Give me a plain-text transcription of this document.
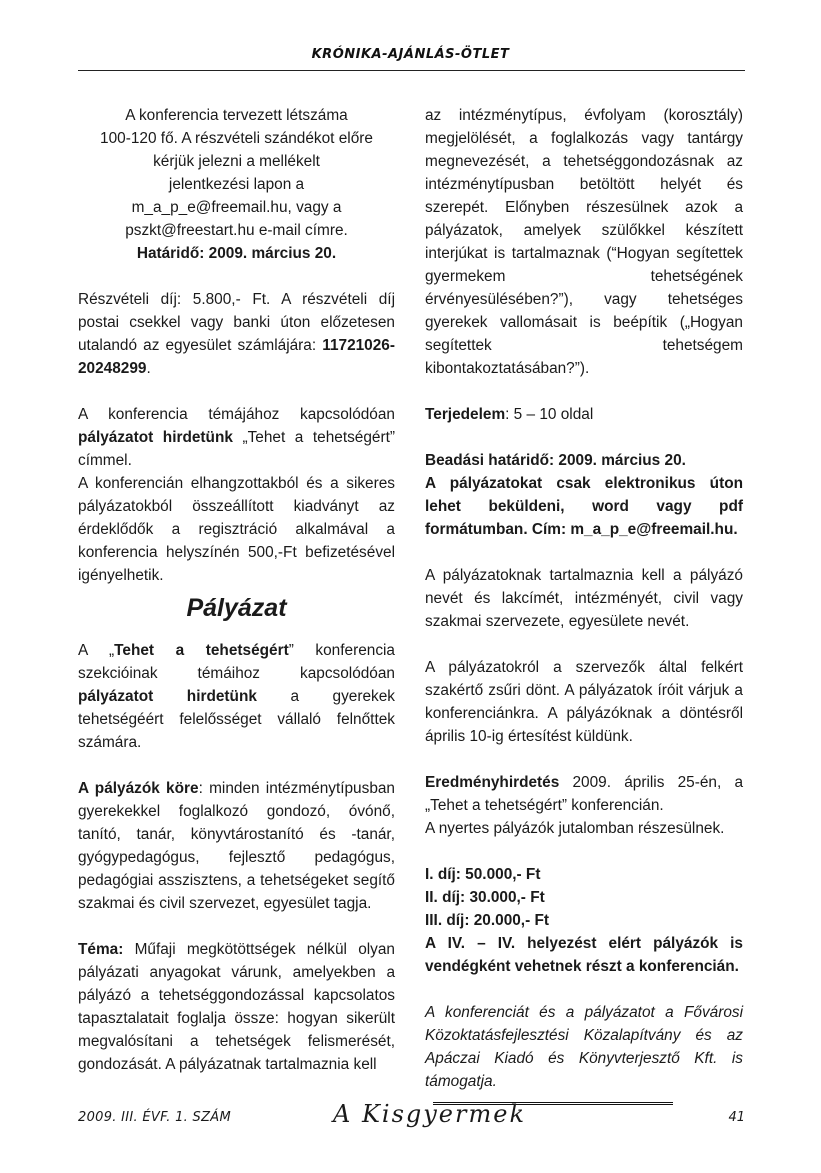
KRÓNIKA-AJÁNLÁS-ÖTLET

A konferencia tervezett létszáma

100-120 fő. A részvételi szándékot előre

kérjük jelezni a mellékelt

jelentkezési lapon a

m_a_p_e@freemail.hu, vagy a

pszkt@freestart.hu e-mail címre.

Határidő: 2009. március 20.

Részvételi díj: 5.800,- Ft. A részvételi díj postai csekkel vagy banki úton előzetesen utalandó az egyesület számlájára: 11721026-20248299.

A konferencia témájához kapcsolódóan pályázatot hirdetünk „Tehet a tehetségért” címmel.

A konferencián elhangzottakból és a sikeres pályázatokból összeállított kiadványt az érdeklődők a regisztráció alkalmával a konferencia helyszínén 500,-Ft befizetésével igényelhetik.

Pályázat

A „Tehet a tehetségért” konferencia szekcióinak témáihoz kapcsolódóan pályázatot hirdetünk a gyerekek tehetségéért felelősséget vállaló felnőttek számára.

A pályázók köre: minden intézménytípusban gyerekekkel foglalkozó gondozó, óvónő, tanító, tanár, könyvtárostanító és -tanár, gyógypedagógus, fejlesztő pedagógus, pedagógiai asszisztens, a tehetségeket segítő szakmai és civil szervezet, egyesület tagja.

Téma: Műfaji megkötöttségek nélkül olyan pályázati anyagokat várunk, amelyekben a pályázó a tehetséggondozással kapcsolatos tapasztalatait foglalja össze: hogyan sikerült megvalósítani a tehetségek felismerését, gondozását. A pályázatnak tartalmaznia kell

az intézménytípus, évfolyam (korosztály) megjelölését, a foglalkozás vagy tantárgy megnevezését, a tehetséggondozásnak az intézménytípusban betöltött helyét és szerepét. Előnyben részesülnek azok a pályázatok, amelyek szülőkkel készített interjúkat is tartalmaznak (“Hogyan segítettek gyermekem tehetségének érvényesülésében?”), vagy tehetséges gyerekek vallomásait is beépítik („Hogyan segítettek tehetségem kibontakoztatásában?”).

Terjedelem: 5 – 10 oldal

Beadási határidő: 2009. március 20.

A pályázatokat csak elektronikus úton lehet beküldeni, word vagy pdf formátumban. Cím: m_a_p_e@freemail.hu.

A pályázatoknak tartalmaznia kell a pályázó nevét és lakcímét, intézményét, civil vagy szakmai szervezete, egyesülete nevét.

A pályázatokról a szervezők által felkért szakértő zsűri dönt. A pályázatok íróit várjuk a konferenciánkra. A pályázóknak a döntésről április 10-ig értesítést küldünk.

Eredményhirdetés 2009. április 25-én, a „Tehet a tehetségért” konferencián.

A nyertes pályázók jutalomban részesülnek.

I. díj: 50.000,- Ft

II. díj: 30.000,- Ft

III. díj: 20.000,- Ft

A IV. – IV. helyezést elért pályázók is vendégként vehetnek részt a konferencián.

A konferenciát és a pályázatot a Fővárosi Közoktatásfejlesztési Közalapítvány és az Apáczai Kiadó és Könyvterjesztő Kft. is támogatja.

2009. III. ÉVF. 1. SZÁM	A Kisgyermek	41
